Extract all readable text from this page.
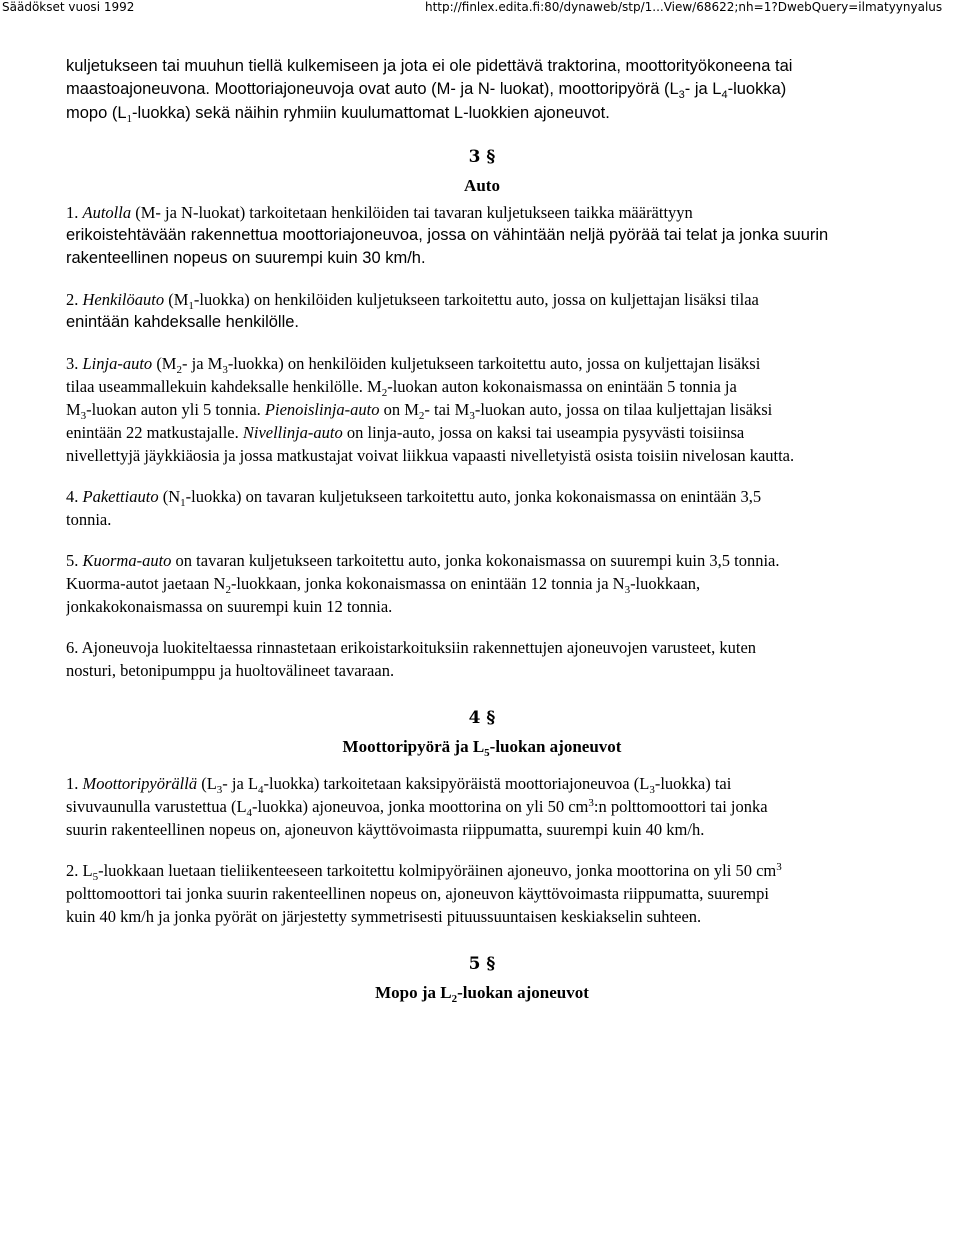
Säädökset vuosi 1992	http://finlex.edita.fi:80/dynaweb/stp/1...View/68622;nh=1?DwebQuery=ilmatyynyalus

kuljetukseen tai muuhun tiellä kulkemiseen ja jota ei ole pidettävä traktorina, moottorityökoneena tai

maastoajoneuvona. Moottoriajoneuvoja ovat auto (M- ja N- luokat), moottoripyörä ($L_3-$ ja $L_4-luokka$)

mopo $(L_1-luokka)$ sekä näihin ryhmiin kuulumattomat L-luokkien ajoneuvot.

3 §

Auto

1. Autolla (M- ja N-luokat) tarkoitetaan henkilöiden tai tavaran kuljetukseen taikka määrättyyn

erikoistehtävään rakennettua moottoriajoneuvoa, jossa on vähintään neljä pyörää tai telat ja jonka suurin

rakenteellinen nopeus on suurempi kuin 30 km/h.

2. Henkilöauto $(M_1-luokka)$ on henkilöiden kuljetukseen tarkoitettu auto, jossa on kuljettajan lisäksi tilaa

enintään kahdeksalle henkilölle.

3. Linja-auto ($M_2-$ ja $M_3-luokka$) on henkilöiden kuljetukseen tarkoitettu auto, jossa on kuljettajan lisäksi

tilaa useammallekuin kahdeksalle henkilölle. $M_2$-luokan auton kokonaismassa on enintään 5 tonnia ja

$M_3$-luokan auton yli 5 tonnia. Pienoislinja-auto on $M_2-$ tai $M_3$-luokan auto, jossa on tilaa kuljettajan lisäksi

enintään 22 matkustajalle. Nivellinja-auto on linja-auto, jossa on kaksi tai useampia pysyvästi toisiinsa

nivellettyjä jäykkiäosia ja jossa matkustajat voivat liikkua vapaasti nivelletyistä osista toisiin nivelosan kautta.

4. Pakettiauto $(N_1-luokka)$ on tavaran kuljetukseen tarkoitettu auto, jonka kokonaismassa on enintään 3,5

tonnia.

5. Kuorma-auto on tavaran kuljetukseen tarkoitettu auto, jonka kokonaismassa on suurempi kuin 3,5 tonnia.

Kuorma-autot jaetaan $N_2$-luokkaan, jonka kokonaismassa on enintään 12 tonnia ja $N_3$-luokkaan,

jonkakokonaismassa on suurempi kuin 12 tonnia.

6. Ajoneuvoja luokiteltaessa rinnastetaan erikoistarkoituksiin rakennettujen ajoneuvojen varusteet, kuten

nosturi, betonipumppu ja huoltovälineet tavaraan.

4 §

Moottoripyörä ja $L_5$-luokan ajoneuvot

1. Moottoripyörällä ($L_3-$ ja $L_4-luokka$) tarkoitetaan kaksipyöräistä moottoriajoneuvoa $(L_3-luokka)$ tai

sivuvaunulla varustettua $(L_4-luokka)$ ajoneuvoa, jonka moottorina on yli 50 $cm^3:n$ polttomoottori tai jonka

suurin rakenteellinen nopeus on, ajoneuvon käyttövoimasta riippumatta, suurempi kuin 40 km/h.

2. $L_5$-luokkaan luetaan tieliikenteeseen tarkoitettu kolmipyöräinen ajoneuvo, jonka moottorina on yli 50 $cm^3$

polttomoottori tai jonka suurin rakenteellinen nopeus on, ajoneuvon käyttövoimasta riippumatta, suurempi

kuin 40 km/h ja jonka pyörät on järjestetty symmetrisesti pituussuuntaisen keskiakselin suhteen.

5 §

Mopo ja $L_2$-luokan ajoneuvot
